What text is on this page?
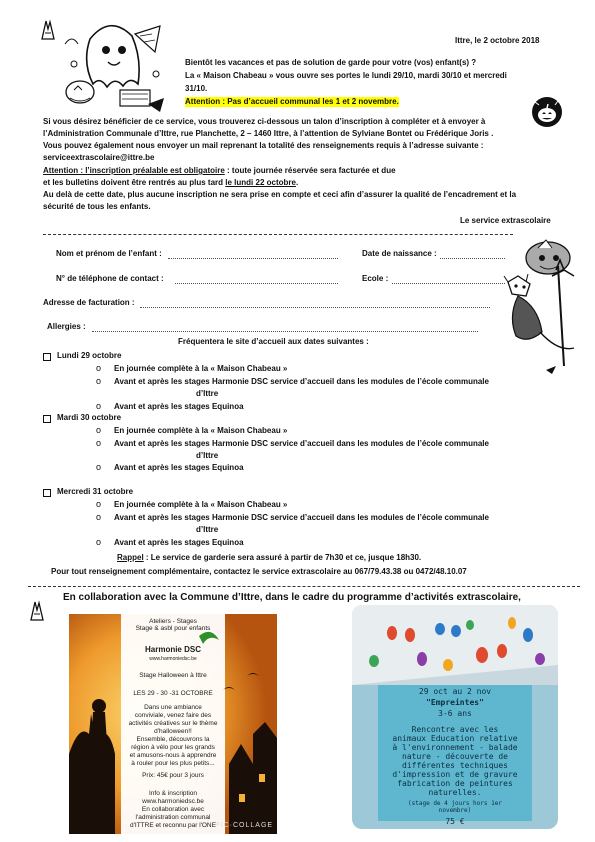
Ittre, le 2 octobre 2018
Bientôt les vacances et pas de solution de garde pour votre (vos) enfant(s) ?
La « Maison Chabeau » vous ouvre ses portes le lundi 29/10, mardi 30/10 et mercredi
31/10.
Attention : Pas d’accueil communal les 1 et 2 novembre.
Si vous désirez bénéficier de ce service, vous trouverez ci-dessous un talon d’inscription à compléter et à envoyer à
l’Administration Communale d’Ittre, rue Planchette, 2 – 1460 Ittre, à l’attention de Sylviane Bontet ou Frédérique Joris .
Vous pouvez également nous envoyer un mail reprenant la totalité des renseignements requis à l’adresse suivante :
serviceextrascolaire@ittre.be
Attention : l’inscription préalable est obligatoire : toute journée réservée sera facturée et due
et les bulletins doivent être rentrés au plus tard le lundi 22 octobre.
Au delà de cette date, plus aucune inscription ne sera prise en compte et ceci afin d’assurer la qualité de l’encadrement et la
sécurité de tous les enfants.
Le service extrascolaire
Nom et prénom de l’enfant :	Date de naissance :
N° de téléphone de contact :	Ecole :
Adresse de facturation :
Allergies :
Fréquentera le site d’accueil aux dates suivantes :
Lundi 29 octobre
o En journée complète à la « Maison Chabeau »
o Avant et après les stages Harmonie DSC service d’accueil dans les modules de l’école communale
d’Ittre
o Avant et après les stages Equinoa
Mardi 30 octobre
o En journée complète à la « Maison Chabeau »
o Avant et après les stages Harmonie DSC service d’accueil dans les modules de l’école communale
d’Ittre
o Avant et après les stages Equinoa
Mercredi 31 octobre
o En journée complète à la « Maison Chabeau »
o Avant et après les stages Harmonie DSC service d’accueil dans les modules de l’école communale
d’Ittre
o Avant et après les stages Equinoa
Rappel : Le service de garderie sera assuré à partir de 7h30 et ce, jusque 18h30.
Pour tout renseignement complémentaire, contactez le service extrascolaire au 067/79.43.38 ou 0472/48.10.07
En collaboration avec la Commune d’Ittre, dans le cadre du programme d’activités extrascolaire,
Ateliers - Stages
Stage & asbl pour enfants
Harmonie DSC
www.harmoniedsc.be
Stage Halloween à Ittre
LES 29 - 30 -31 OCTOBRE
Dans une ambiance
conviviale, venez faire des
activités créatives sur le thème
d'halloween!!
Ensemble, découvrons la
région à vélo pour les grands
et amusons-nous à apprendre
à rouler pour les plus petits...
Prix: 45€ pour 3 jours
Info & inscription
www.harmoniedsc.be
En collaboration avec
l'administration communal
d'ITTRE et reconnu par l'ONE PIC·COLLAGE
29 oct au 2 nov
"Empreintes"
3-6 ans
Rencontre avec les
animaux Education relative
à l'environnement - balade
nature - découverte de
différentes techniques
d'impression et de gravure
fabrication de peintures
naturelles.
(stage de 4 jours hors 1er
novembre)
75 €
